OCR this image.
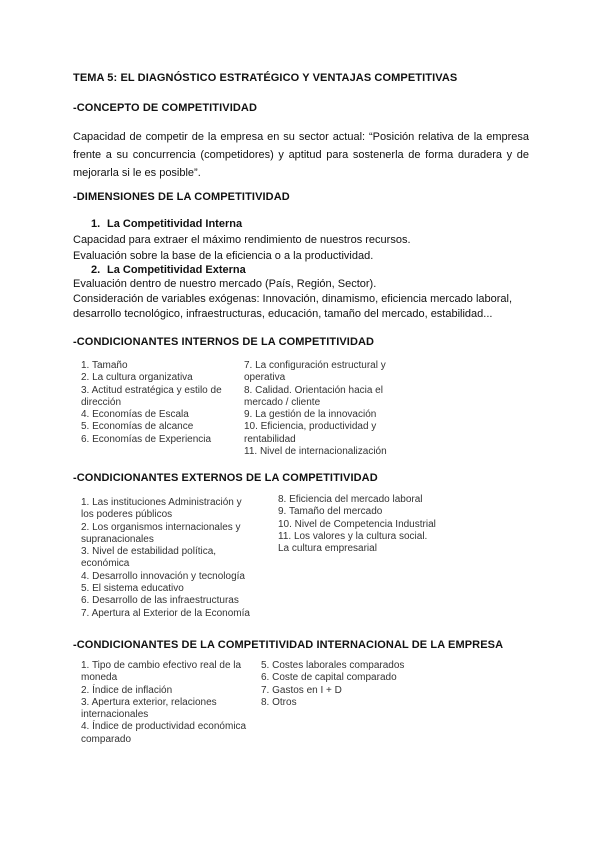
TEMA 5: EL DIAGNÓSTICO ESTRATÉGICO Y VENTAJAS COMPETITIVAS
-CONCEPTO DE COMPETITIVIDAD
Capacidad de competir de la empresa en su sector actual: “Posición relativa de la empresa frente a su concurrencia (competidores) y aptitud para sostenerla de forma duradera y de mejorarla si le es posible”.
-DIMENSIONES DE LA COMPETITIVIDAD
1. La Competitividad Interna
Capacidad para extraer el máximo rendimiento de nuestros recursos.
Evaluación sobre la base de la eficiencia o a la productividad.
2. La Competitividad Externa
Evaluación dentro de nuestro mercado (País, Región, Sector).
Consideración de variables exógenas: Innovación, dinamismo, eficiencia mercado laboral,
desarrollo tecnológico, infraestructuras, educación, tamaño del mercado, estabilidad...
-CONDICIONANTES INTERNOS DE LA COMPETITIVIDAD
1. Tamaño
2. La cultura organizativa
3. Actitud estratégica y estilo de dirección
4. Economías de Escala
5. Economías de alcance
6. Economías de Experiencia
7. La configuración estructural y operativa
8. Calidad. Orientación hacia el mercado / cliente
9. La gestión de la innovación
10. Eficiencia, productividad y rentabilidad
11. Nivel de internacionalización
-CONDICIONANTES EXTERNOS DE LA COMPETITIVIDAD
1. Las instituciones Administración y los poderes públicos
2. Los organismos internacionales y supranacionales
3. Nivel de estabilidad política, económica
4. Desarrollo innovación y tecnología
5. El sistema educativo
6. Desarrollo de las infraestructuras
7. Apertura al Exterior de la Economía
8. Eficiencia del mercado laboral
9. Tamaño del mercado
10. Nivel de Competencia Industrial
11. Los valores y la cultura social. La cultura empresarial
-CONDICIONANTES DE LA COMPETITIVIDAD INTERNACIONAL DE LA EMPRESA
1. Tipo de cambio efectivo real de la moneda
2. Índice de inflación
3. Apertura exterior, relaciones internacionales
4. Índice de productividad económica comparado
5. Costes laborales comparados
6. Coste de capital comparado
7. Gastos en I + D
8. Otros
